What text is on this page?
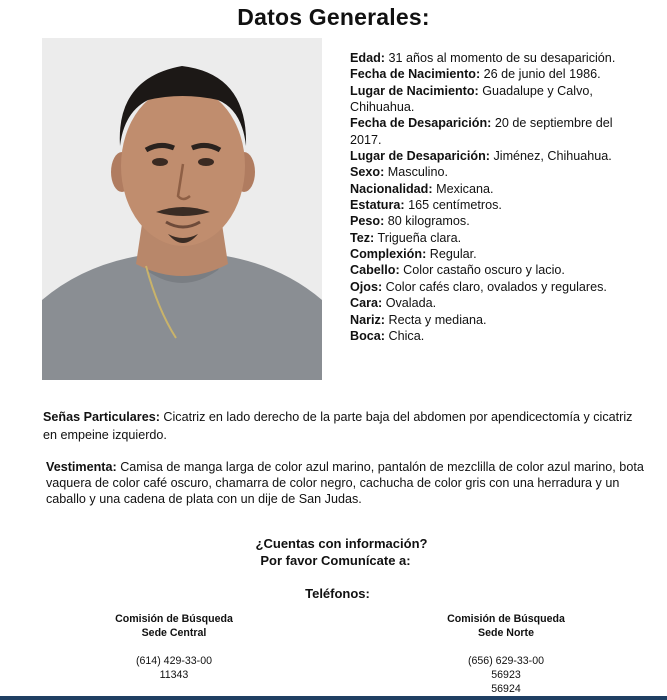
Datos Generales:
Edad: 31 años al momento de su desaparición.
Fecha de Nacimiento: 26 de junio del 1986.
Lugar de Nacimiento: Guadalupe y Calvo, Chihuahua.
Fecha de Desaparición: 20 de septiembre del 2017.
Lugar de Desaparición: Jiménez, Chihuahua.
Sexo: Masculino.
Nacionalidad: Mexicana.
Estatura: 165 centímetros.
Peso: 80 kilogramos.
Tez: Trigueña clara.
Complexión: Regular.
Cabello: Color castaño oscuro y lacio.
Ojos: Color cafés claro, ovalados y regulares.
Cara: Ovalada.
Nariz: Recta y mediana.
Boca: Chica.
Señas Particulares: Cicatriz en lado derecho de la parte baja del abdomen por apendicectomía y cicatriz en empeine izquierdo.
Vestimenta: Camisa de manga larga de color azul marino, pantalón de mezclilla de color azul marino, bota vaquera de color café oscuro, chamarra de color negro, cachucha de color gris con una herradura y un caballo y una cadena de plata con un dije de San Judas.
¿Cuentas con información?
Por favor Comunícate a:
Teléfonos:
Comisión de Búsqueda
Sede Central
(614) 429-33-00
11343
Comisión de Búsqueda
Sede Norte
(656) 629-33-00
56923
56924
